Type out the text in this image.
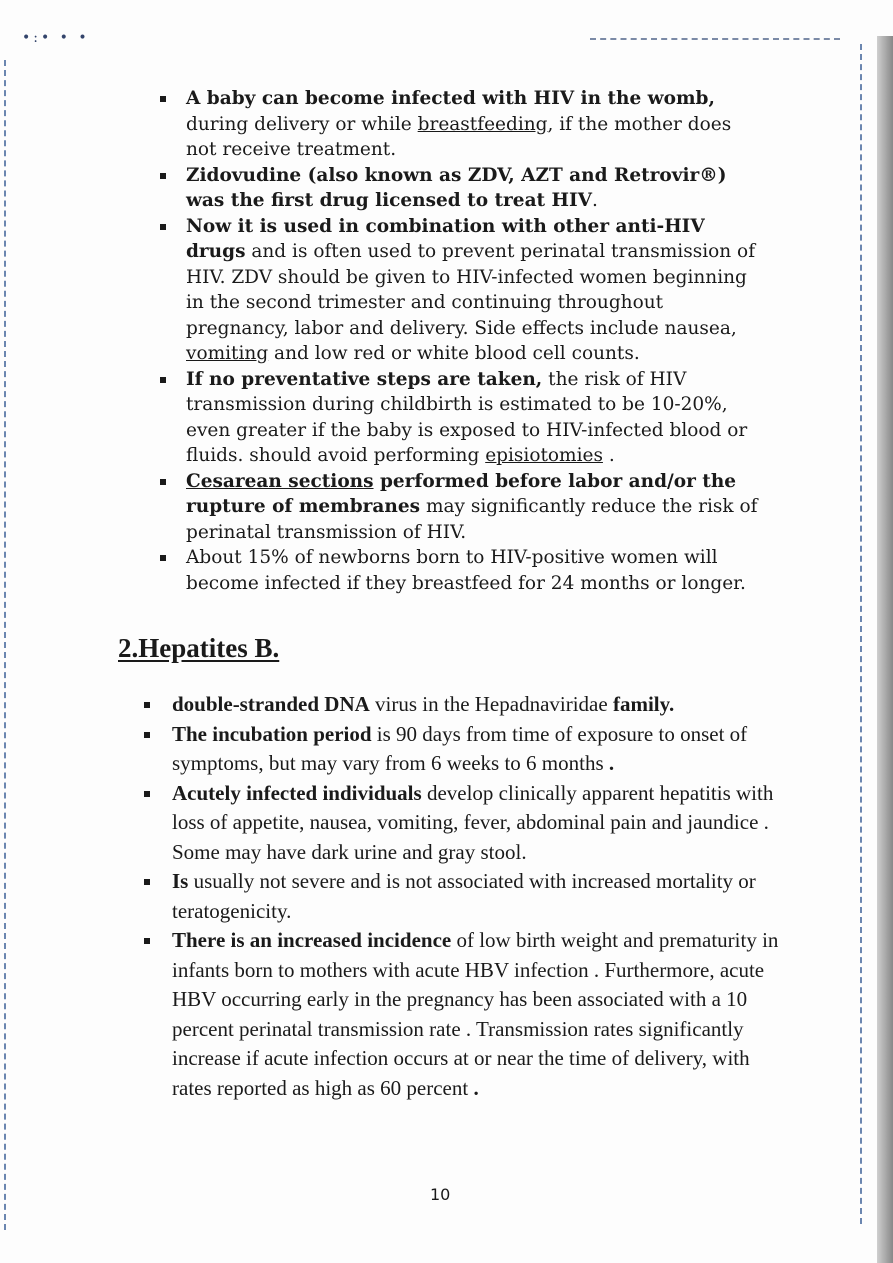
•:• • •
A baby can become infected with HIV in the womb, during delivery or while breastfeeding, if the mother does not receive treatment.
Zidovudine (also known as ZDV, AZT and Retrovir®) was the first drug licensed to treat HIV.
Now it is used in combination with other anti-HIV drugs and is often used to prevent perinatal transmission of HIV. ZDV should be given to HIV-infected women beginning in the second trimester and continuing throughout pregnancy, labor and delivery. Side effects include nausea, vomiting and low red or white blood cell counts.
If no preventative steps are taken, the risk of HIV transmission during childbirth is estimated to be 10-20%, even greater if the baby is exposed to HIV-infected blood or fluids. should avoid performing episiotomies .
Cesarean sections performed before labor and/or the rupture of membranes may significantly reduce the risk of perinatal transmission of HIV.
About 15% of newborns born to HIV-positive women will become infected if they breastfeed for 24 months or longer.
2.Hepatites B.
double-stranded DNA virus in the Hepadnaviridae family.
The incubation period is 90 days from time of exposure to onset of symptoms, but may vary from 6 weeks to 6 months .
Acutely infected individuals develop clinically apparent hepatitis with loss of appetite, nausea, vomiting, fever, abdominal pain and jaundice . Some may have dark urine and gray stool.
Is usually not severe and is not associated with increased mortality or teratogenicity.
There is an increased incidence of low birth weight and prematurity in infants born to mothers with acute HBV infection . Furthermore, acute HBV occurring early in the pregnancy has been associated with a 10 percent perinatal transmission rate . Transmission rates significantly increase if acute infection occurs at or near the time of delivery, with rates reported as high as 60 percent .
10
